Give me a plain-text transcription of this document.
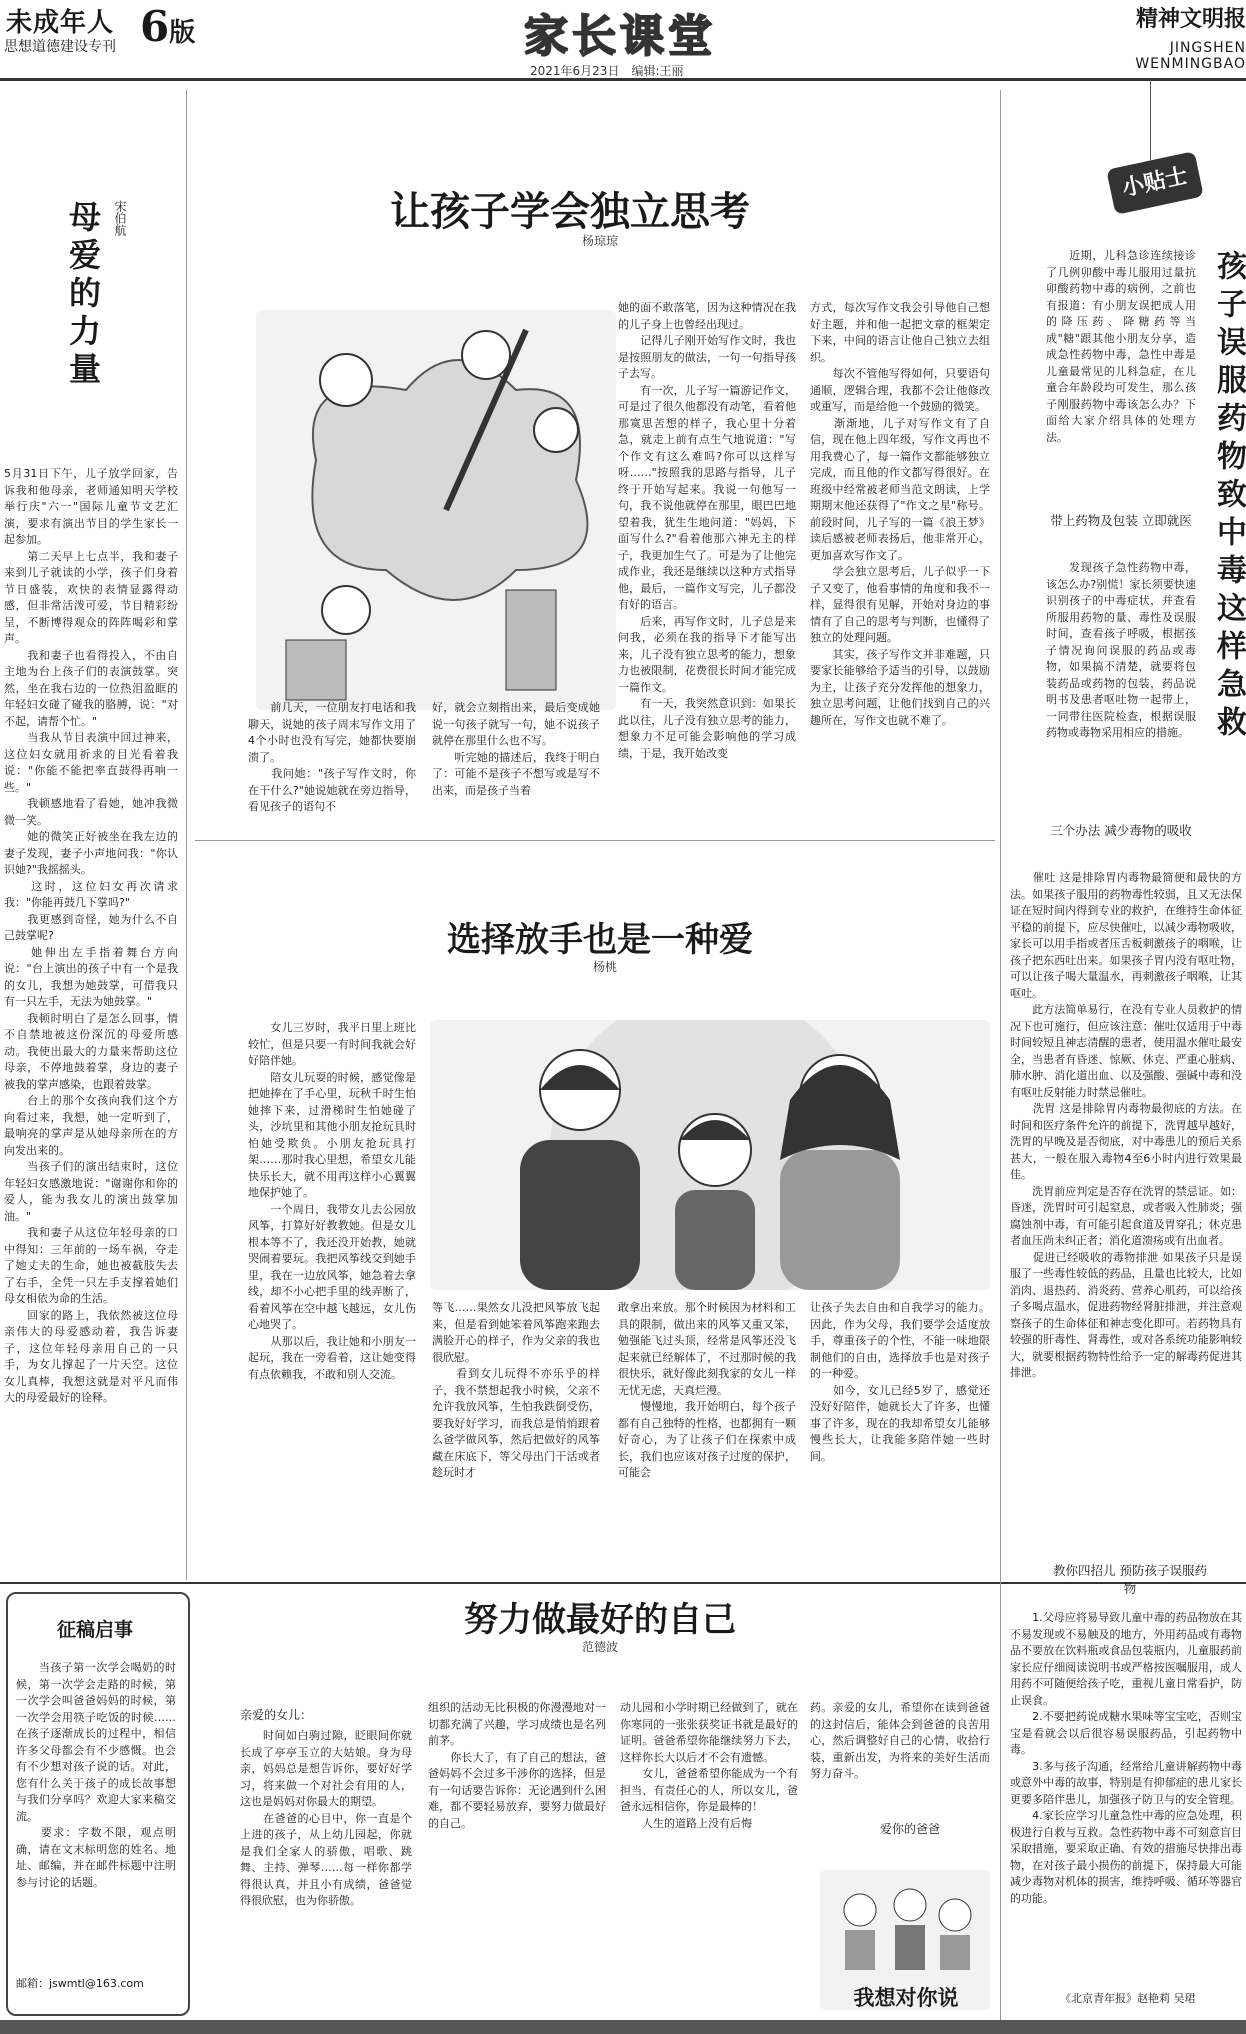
未成年人
思想道德建设专刊 6版	家长课堂
2021年6月23日　编辑:王丽
精神文明报
JINGSHEN WENMINGBAO
母爱的力量 宋伯航
5月31日下午，儿子放学回家，告诉我和他母亲，老师通知明天学校举行庆"六一"国际儿童节文艺汇演，要求有演出节目的学生家长一起参加。
　　第二天早上七点半，我和妻子来到儿子就读的小学，孩子们身着节日盛装，欢快的表情显露得动感，但非常活泼可爱，节目精彩纷呈，不断博得观众的阵阵喝彩和掌声。
　　我和妻子也看得投入，不由自主地为台上孩子们的表演鼓掌。突然，坐在我右边的一位热泪盈眶的年轻妇女碰了碰我的胳膊，说："对不起，请帮个忙。"
　　当我从节目表演中回过神来，这位妇女就用祈求的目光看着我说："你能不能把率直鼓得再响一些。"
　　我顿感地看了看她，她冲我微微一笑。
　　她的微笑正好被坐在我左边的妻子发现，妻子小声地问我："你认识她?"我摇摇头。
　　这时，这位妇女再次请求我："你能再鼓几下掌吗?"
　　我更感到奇怪，她为什么不自己鼓掌呢?
　　她伸出左手指着舞台方向说："台上演出的孩子中有一个是我的女儿，我想为她鼓掌，可借我只有一只左手，无法为她鼓掌。"
　　我顿时明白了是怎么回事，情不自禁地被这份深沉的母爱所感动。我使出最大的力量来帮助这位母亲，不停地鼓着掌，身边的妻子被我的掌声感染，也跟着鼓掌。
　　台上的那个女孩向我们这个方向看过来，我想，她一定听到了，最响亮的掌声是从她母亲所在的方向发出来的。
　　当孩子们的演出结束时，这位年轻妇女感激地说："谢谢你和你的爱人，能为我女儿的演出鼓掌加油。"
　　我和妻子从这位年轻母亲的口中得知：三年前的一场车祸，夺走了她丈夫的生命，她也被截肢失去了右手，全凭一只左手支撑着她们母女相依为命的生活。
　　回家的路上，我依然被这位母亲伟大的母爱感动着，我告诉妻子，这位年轻母亲用自己的一只手，为女儿撑起了一片天空。这位女儿真棒，我想这就是对平凡而伟大的母爱最好的诠释。
让孩子学会独立思考
杨琼琼
　　前几天，一位朋友打电话和我聊天，说她的孩子周末写作文用了4个小时也没有写完，她都快要崩溃了。
　　我问她："孩子写作文时，你在干什么?"她说她就在旁边指导，看见孩子的语句不
好，就会立刻指出来，最后变成她说一句孩子就写一句，她不说孩子就停在那里什么也不写。
　　听完她的描述后，我终于明白了：可能不是孩子不想写或是写不出来，而是孩子当着
她的面不敢落笔，因为这种情况在我的儿子身上也曾经出现过。
　　记得儿子刚开始写作文时，我也是按照朋友的做法，一句一句指导孩子去写。
　　有一次，儿子写一篇游记作文，可是过了很久他都没有动笔，看着他那寞思苦想的样子，我心里十分着急，就走上前有点生气地说道："写个作文有这么难吗?你可以这样写呀……"按照我的思路与指导，儿子终于开始写起来。我说一句他写一句，我不说他就停在那里，眼巴巴地望着我，犹生生地问道："妈妈，下面写什么?"看着他那六神无主的样子，我更加生气了。可是为了让他完成作业，我还是继续以这种方式指导他，最后，一篇作文写完，儿子都没有好的语言。
　　后来，再写作文时，儿子总是来问我，必须在我的指导下才能写出来，儿子没有独立思考的能力，想象力也被限制，花费很长时间才能完成一篇作文。
　　有一天，我突然意识到：如果长此以往，儿子没有独立思考的能力，想象力不足可能会影响他的学习成绩，于是，我开始改变
方式，每次写作文我会引导他自己想好主题，并和他一起把文章的框架定下来，中间的语言让他自己独立去组织。
　　每次不管他写得如何，只要语句通顺，逻辑合理，我都不会让他修改或重写，而是给他一个鼓励的微笑。
　　渐渐地，儿子对写作文有了自信，现在他上四年级，写作文再也不用我费心了，每一篇作文都能够独立完成，而且他的作文都写得很好。在班级中经常被老师当范文朗读，上学期期末他还获得了"作文之星"称号。前段时间，儿子写的一篇《浪王梦》读后感被老师表扬后，他非常开心，更加喜欢写作文了。
　　学会独立思考后，儿子似乎一下子又变了，他看事情的角度和我不一样，显得很有见解，开始对身边的事情有了自己的思考与判断，也懂得了独立的处理问题。
　　其实，孩子写作文并非难题，只要家长能够给予适当的引导，以鼓励为主，让孩子充分发挥他的想象力，独立思考问题，让他们找到自己的兴趣所在，写作文也就不难了。
选择放手也是一种爱
杨桃
　　女儿三岁时，我平日里上班比较忙，但是只要一有时间我就会好好陪伴她。
　　陪女儿玩耍的时候，感觉像是把她捧在了手心里，玩秋千时生怕她摔下来，过滑梯时生怕她碰了头，沙坑里和其他小朋友抢玩具时怕她受欺负。小朋友抢玩具打架……那时我心里想，希望女儿能快乐长大，就不用再这样小心翼翼地保护她了。
　　一个周日，我带女儿去公园放风筝，打算好好教教她。但是女儿根本等不了，我还没开始教，她就哭闹着要玩。我把风筝线交到她手里，我在一边放风筝，她急着去拿线，却不小心把手里的线弄断了，看着风筝在空中越飞越远，女儿伤心地哭了。
　　从那以后，我让她和小朋友一起玩，我在一旁看着，这让她变得有点依赖我，不敢和别人交流。
等飞……果然女儿没把风筝放飞起来，但是看到她笨着风筝跑来跑去满脸开心的样子，作为父亲的我也很欣慰。
　　看到女儿玩得不亦乐乎的样子，我不禁想起我小时候，父亲不允许我放风筝，生怕我跌倒受伤，要我好好学习，而我总是悄悄跟着么爸学做风筝，然后把做好的风筝藏在床底下，等父母出门干活或者趁玩时才
敢拿出来放。那个时候因为材料和工具的限制，做出来的风筝又重又笨，勉强能飞过头顶，经常是风筝还没飞起来就已经解体了，不过那时候的我很快乐，就好像此刻我家的女儿一样无忧无虑，天真烂漫。
　　慢慢地，我开始明白，每个孩子都有自己独特的性格，也都拥有一颗好奇心，为了让孩子们在探索中成长，我们也应该对孩子过度的保护，可能会
让孩子失去自由和自我学习的能力。因此，作为父母，我们要学会适度放手，尊重孩子的个性，不能一味地限制他们的自由，选择放手也是对孩子的一种爱。
　　如今，女儿已经5岁了，感觉还没好好陪伴，她就长大了许多，也懂事了许多，现在的我却希望女儿能够慢些长大，让我能多陪伴她一些时间。
征稿启事
　　当孩子第一次学会喝奶的时候，第一次学会走路的时候，第一次学会叫爸爸妈妈的时候，第一次学会用筷子吃饭的时候……在孩子逐渐成长的过程中，相信许多父母都会有不少感慨。也会有不少想对孩子说的话。对此，您有什么关于孩子的成长故事想与我们分享吗？欢迎大家来稿交流。
　　要求：字数不限，观点明确，请在文末标明您的姓名、地址、邮编，并在邮件标题中注明参与讨论的话题。
邮箱：jswmtl@163.com
努力做最好的自己
范德波
亲爱的女儿：
　　时间如白驹过隙，眨眼间你就长成了亭亭玉立的大姑娘。身为母亲，妈妈总是想告诉你，要好好学习，将来做一个对社会有用的人，这也是妈妈对你最大的期望。
　　在爸爸的心目中，你一直是个上进的孩子，从上幼儿园起，你就是我们全家人的骄傲，唱歌、跳舞、主持、弹琴……每一样你都学得很认真，并且小有成绩，爸爸觉得很欣慰，也为你骄傲。
组织的活动无比积极的你漫漫地对一切都充满了兴趣，学习成绩也是名列前茅。
　　你长大了，有了自己的想法，爸爸妈妈不会过多干涉你的选择，但是有一句话要告诉你：无论遇到什么困难，都不要轻易放弃，要努力做最好的自己。
动儿园和小学时期已经做到了，就在你寒同的一张张获奖证书就是最好的证明。爸爸希望你能继续努力下去，这样你长大以后才不会有遗憾。
　　女儿，爸爸希望你能成为一个有担当、有责任心的人，所以女儿，爸爸永远相信你，你是最棒的！
　　人生的道路上没有后悔
药。亲爱的女儿，希望你在读到爸爸的这封信后，能体会到爸爸的良苦用心，然后调整好自己的心情，收拾行装，重新出发，为将来的美好生活而努力奋斗。
爱你的爸爸
我想对你说
小贴士
孩子误服药物致中毒这样急救
　　近期，儿科急诊连续接诊了几例卯酸中毒儿服用过量抗卯酸药物中毒的病例，之前也有报道：有小朋友误把成人用的降压药、降糖药等当成"糖"跟其他小朋友分享，造成急性药物中毒，急性中毒是儿童最常见的儿科急症，在儿童合年龄段均可发生，那么孩子刚服药物中毒该怎么办？下面给大家介绍具体的处理方法。
带上药物及包装 立即就医
　　发现孩子急性药物中毒，该怎么办?别慌！家长须要快速识别孩子的中毒症状，并查看所服用药物的量、毒性及误服时间，查看孩子呼吸，根据孩子情况询问误服的药品或毒物，如果搞不清楚，就要将包装药品或药物的包装，药品说明书及患者呕吐物一起带上，一同带往医院检查，根据误服药物或毒物采用相应的措施。
三个办法 减少毒物的吸收
　　催吐 这是排除胃内毒物最简便和最快的方法。如果孩子服用的药物毒性较弱，且又无法保证在短时间内得到专业的救护，在维持生命体征平稳的前提下，应尽快催吐，以减少毒物吸收，家长可以用手指或者压舌板刺激孩子的咽喉，让孩子把东西吐出来。如果孩子胃内没有呕吐物，可以让孩子喝大量温水，再刺激孩子咽喉，让其呕吐。
　　此方法简单易行，在没有专业人员救护的情况下也可施行，但应该注意：催吐仅适用于中毒时间较短且神志清醒的患者，使用温水催吐最安全，当患者有昏迷、惊厥、休克、严重心脏病、肺水肿、消化道出血、以及强酸、强碱中毒和没有呕吐反射能力时禁忌催吐。
　　洗胃 这是排除胃内毒物最彻底的方法。在时间和医疗条件允许的前提下，洗胃越早越好，洗胃的早晚及是否彻底，对中毒患儿的预后关系甚大，一般在服入毒物4至6小时内进行效果最佳。
　　洗胃前应判定是否存在洗胃的禁忌证。如：昏迷，洗胃时可引起窒息，或者吸入性肺炎；强腐蚀剂中毒，有可能引起食道及胃穿孔；休克患者血压尚未纠正者；消化道溃疡或有出血者。
　　促进已经吸收的毒物排泄 如果孩子只是误服了一些毒性较低的药品，且量也比较大，比如消肉、退热药、消炎药、营养心肌药，可以给孩子多喝点温水，促进药物经肾脏排泄，并注意观察孩子的生命体征和神志变化即可。若药物具有较强的肝毒性、肾毒性，或对各系统功能影响较大，就要根据药物特性给予一定的解毒药促进其排泄。
教你四招儿 预防孩子误服药物
　　1.父母应将易导致儿童中毒的药品物放在其不易发现或不易触及的地方，外用药品或有毒物品不要放在饮料瓶或食品包装瓶内，儿童服药前家长应仔细阅读说明书或严格按医嘱服用，成人用药不可随便给孩子吃，重视儿童日常看护，防止误食。
　　2.不要把药说成糖水果味等宝宝吃，否则宝宝是看就会以后很容易误服药品，引起药物中毒。
　　3.多与孩子沟通，经常给儿童讲解药物中毒或意外中毒的故事，特别是有抑郁症的患儿家长更要多陪伴患儿，加强孩子防卫与的安全管理。
　　4.家长应学习儿童急性中毒的应急处理，积极进行自救与互救。急性药物中毒不可刻意盲目采取措施，要采取正确、有效的措施尽快排出毒物，在对孩子最小损伤的前提下，保持最大可能减少毒物对机体的损害，维持呼吸、循环等器官的功能。
《北京青年报》赵艳莉 吴珺
